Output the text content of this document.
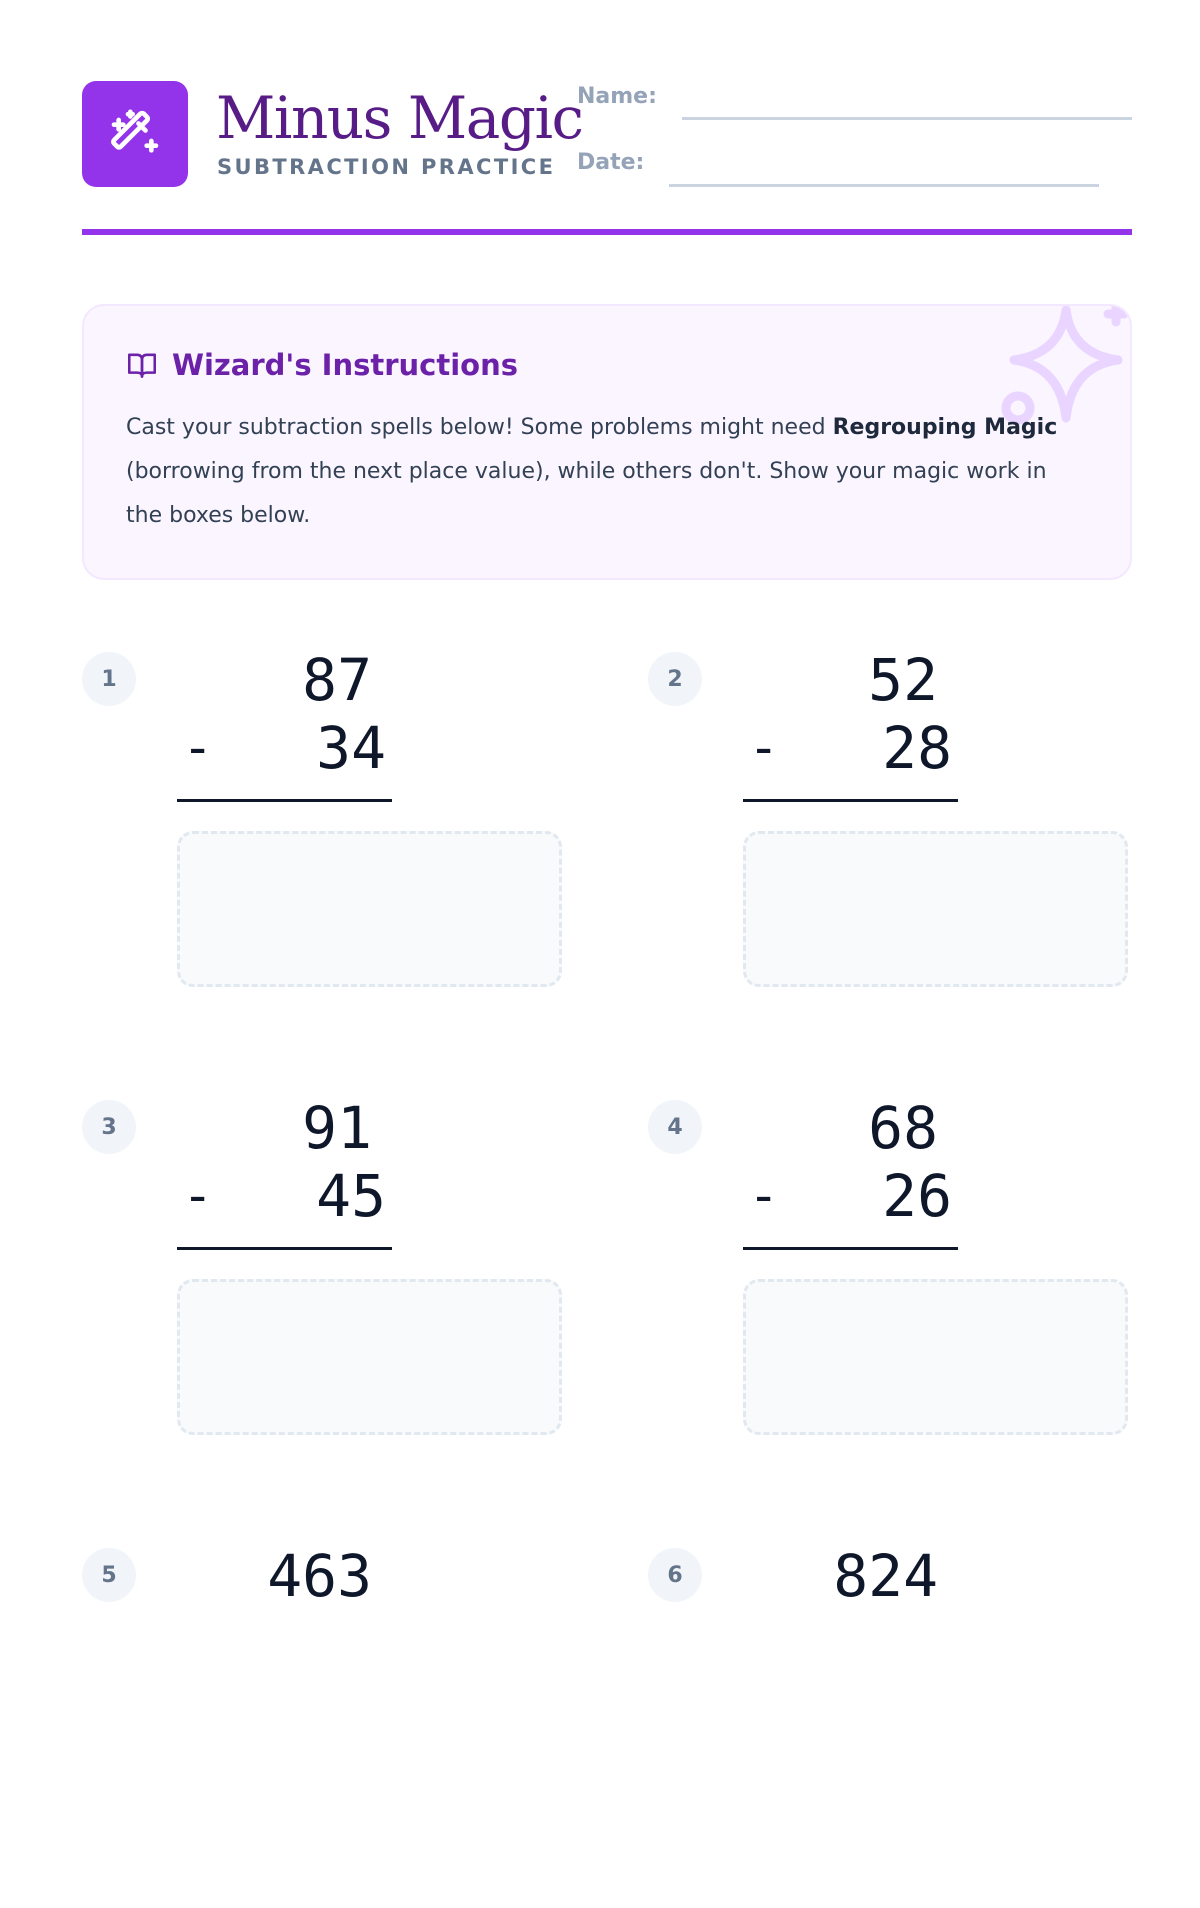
Minus Magic
SUBTRACTION PRACTICE
Name:
Date:
Wizard's Instructions
Cast your subtraction spells below! Some problems might need Regrouping Magic (borrowing from the next place value), while others don't. Show your magic work in the boxes below.
1	87
- 34
2	52
- 28
3	91
- 45
4	68
- 26
5	463	6	824
